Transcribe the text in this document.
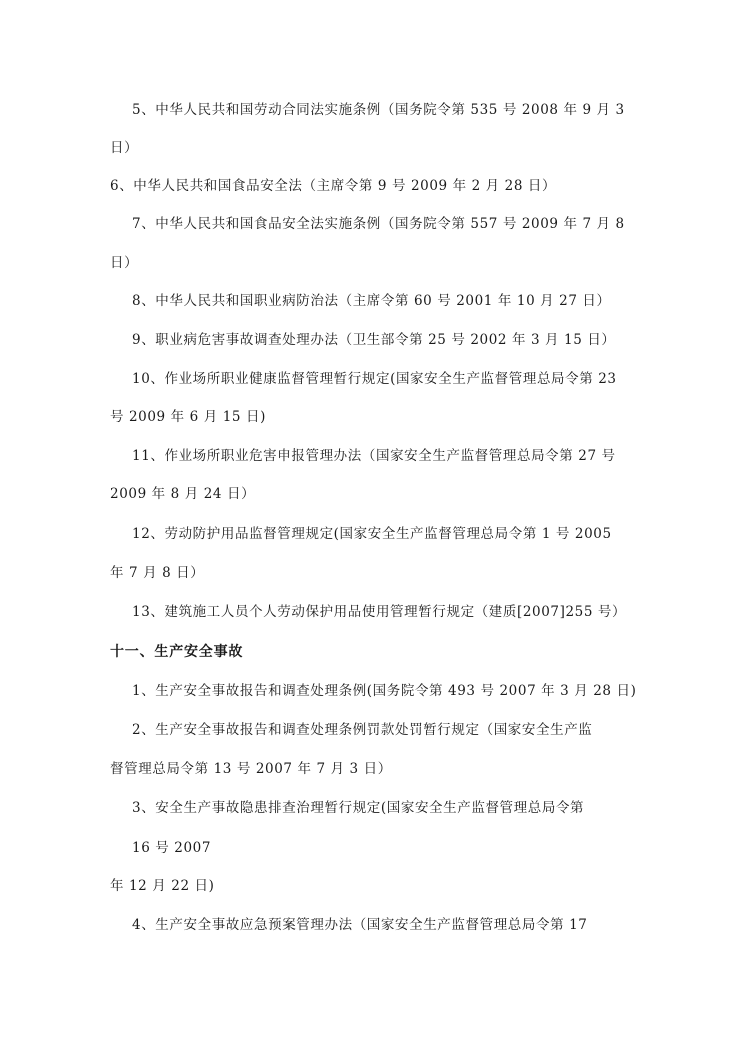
5、中华人民共和国劳动合同法实施条例（国务院令第 535 号 2008 年 9 月 3
日）
6、中华人民共和国食品安全法（主席令第 9 号 2009 年 2 月 28 日）
7、中华人民共和国食品安全法实施条例（国务院令第 557 号 2009 年 7 月 8
日）
8、中华人民共和国职业病防治法（主席令第 60 号 2001 年 10 月 27 日）
9、职业病危害事故调查处理办法（卫生部令第 25 号 2002 年 3 月 15 日）
10、作业场所职业健康监督管理暂行规定(国家安全生产监督管理总局令第 23
号 2009 年 6 月 15 日)
11、作业场所职业危害申报管理办法（国家安全生产监督管理总局令第 27 号
2009 年 8 月 24 日）
12、劳动防护用品监督管理规定(国家安全生产监督管理总局令第 1 号 2005
年 7 月 8 日）
13、建筑施工人员个人劳动保护用品使用管理暂行规定（建质[2007]255 号）
十一、生产安全事故
1、生产安全事故报告和调查处理条例(国务院令第 493 号 2007 年 3 月 28 日)
2、生产安全事故报告和调查处理条例罚款处罚暂行规定（国家安全生产监
督管理总局令第 13 号 2007 年 7 月 3 日）
3、安全生产事故隐患排查治理暂行规定(国家安全生产监督管理总局令第
16 号 2007
年 12 月 22 日)
4、生产安全事故应急预案管理办法（国家安全生产监督管理总局令第 17
